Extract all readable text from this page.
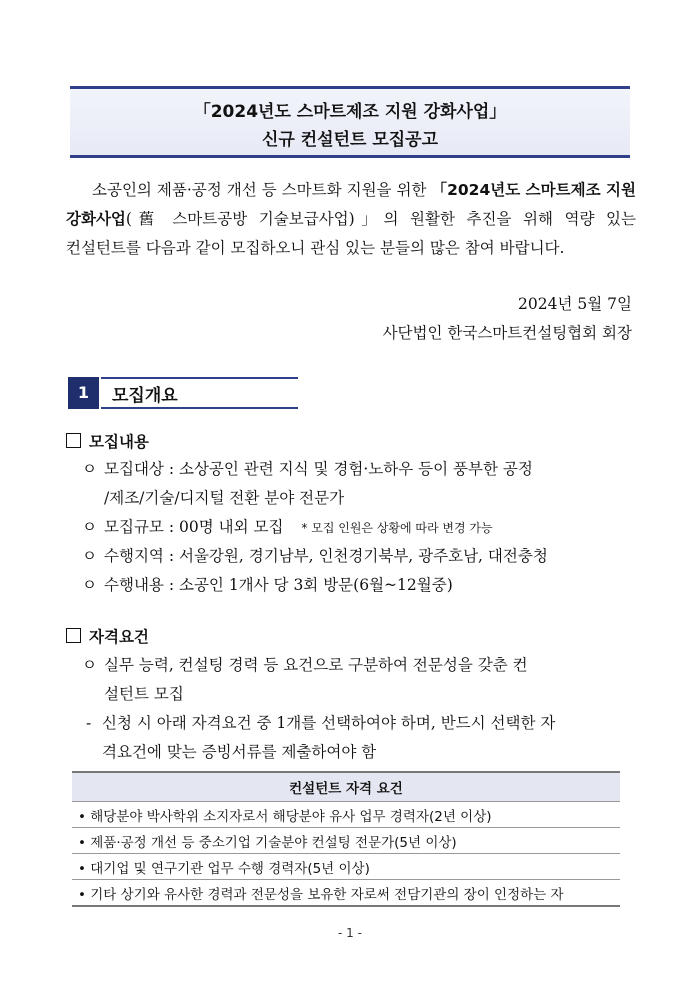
「2024년도 스마트제조 지원 강화사업」
신규 컨설턴트 모집공고
소공인의 제품·공정 개선 등 스마트화 지원을 위한 「2024년도 스마트제조 지원 강화사업(舊 스마트공방 기술보급사업)」의 원활한 추진을 위해 역량 있는 컨설턴트를 다음과 같이 모집하오니 관심 있는 분들의 많은 참여 바랍니다.
2024년 5월 7일
사단법인 한국스마트컨설팅협회 회장
1	모집개요
모집내용
ㅇ 모집대상 : 소상공인 관련 지식 및 경험·노하우 등이 풍부한 공정
/제조/기술/디지털 전환 분야 전문가
ㅇ 모집규모 : 00명 내외 모집 * 모집 인원은 상황에 따라 변경 가능
ㅇ 수행지역 : 서울강원, 경기남부, 인천경기북부, 광주호남, 대전충청
ㅇ 수행내용 : 소공인 1개사 당 3회 방문(6월~12월중)
자격요건
ㅇ 실무 능력, 컨설팅 경력 등 요건으로 구분하여 전문성을 갖춘 컨
설턴트 모집
- 신청 시 아래 자격요건 중 1개를 선택하여야 하며, 반드시 선택한 자
격요건에 맞는 증빙서류를 제출하여야 함
컨설턴트 자격 요건
• 해당분야 박사학위 소지자로서 해당분야 유사 업무 경력자(2년 이상)
• 제품·공정 개선 등 중소기업 기술분야 컨설팅 전문가(5년 이상)
• 대기업 및 연구기관 업무 수행 경력자(5년 이상)
• 기타 상기와 유사한 경력과 전문성을 보유한 자로써 전담기관의 장이 인정하는 자
- 1 -
